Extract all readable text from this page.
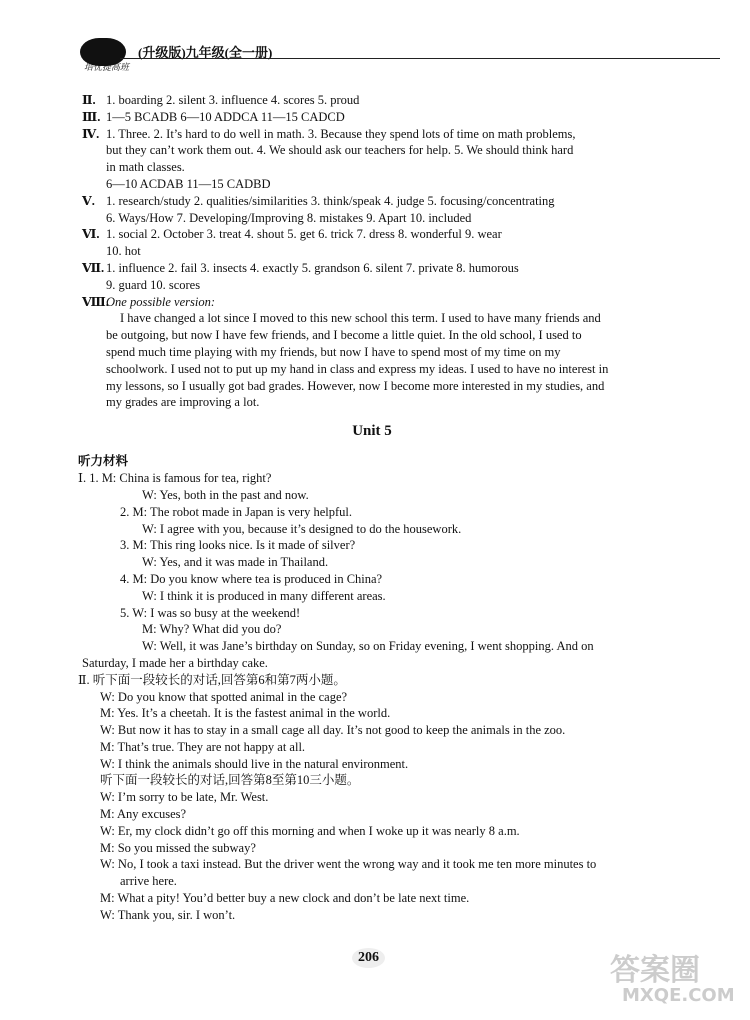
培优提高班
(升级版)九年级(全一册)
Ⅱ. 1. boarding 2. silent 3. influence 4. scores 5. proud
Ⅲ. 1—5 BCADB 6—10 ADDCA 11—15 CADCD
Ⅳ. 1. Three. 2. It’s hard to do well in math. 3. Because they spend lots of time on math problems,
but they can’t work them out. 4. We should ask our teachers for help. 5. We should think hard
in math classes.
6—10 ACDAB 11—15 CADBD
Ⅴ. 1. research/study 2. qualities/similarities 3. think/speak 4. judge 5. focusing/concentrating
6. Ways/How 7. Developing/Improving 8. mistakes 9. Apart 10. included
Ⅵ. 1. social 2. October 3. treat 4. shout 5. get 6. trick 7. dress 8. wonderful 9. wear
10. hot
Ⅶ. 1. influence 2. fail 3. insects 4. exactly 5. grandson 6. silent 7. private 8. humorous
9. guard 10. scores
Ⅷ.
One possible version:
I have changed a lot since I moved to this new school this term. I used to have many friends and
be outgoing, but now I have few friends, and I become a little quiet. In the old school, I used to
spend much time playing with my friends, but now I have to spend most of my time on my
schoolwork. I used not to put up my hand in class and express my ideas. I used to have no interest in
my lessons, so I usually got bad grades. However, now I become more interested in my studies, and
my grades are improving a lot.
Unit 5
听力材料
Ⅰ. 1. M: China is famous for tea, right?
W: Yes, both in the past and now.
2. M: The robot made in Japan is very helpful.
W: I agree with you, because it’s designed to do the housework.
3. M: This ring looks nice. Is it made of silver?
W: Yes, and it was made in Thailand.
4. M: Do you know where tea is produced in China?
W: I think it is produced in many different areas.
5. W: I was so busy at the weekend!
M: Why? What did you do?
W: Well, it was Jane’s birthday on Sunday, so on Friday evening, I went shopping. And on
Saturday, I made her a birthday cake.
Ⅱ. 听下面一段较长的对话,回答第6和第7两小题。
W: Do you know that spotted animal in the cage?
M: Yes. It’s a cheetah. It is the fastest animal in the world.
W: But now it has to stay in a small cage all day. It’s not good to keep the animals in the zoo.
M: That’s true. They are not happy at all.
W: I think the animals should live in the natural environment.
听下面一段较长的对话,回答第8至第10三小题。
W: I’m sorry to be late, Mr. West.
M: Any excuses?
W: Er, my clock didn’t go off this morning and when I woke up it was nearly 8 a.m.
M: So you missed the subway?
W: No, I took a taxi instead. But the driver went the wrong way and it took me ten more minutes to
arrive here.
M: What a pity! You’d better buy a new clock and don’t be late next time.
W: Thank you, sir. I won’t.
206	答案圈
MXQE.COM
